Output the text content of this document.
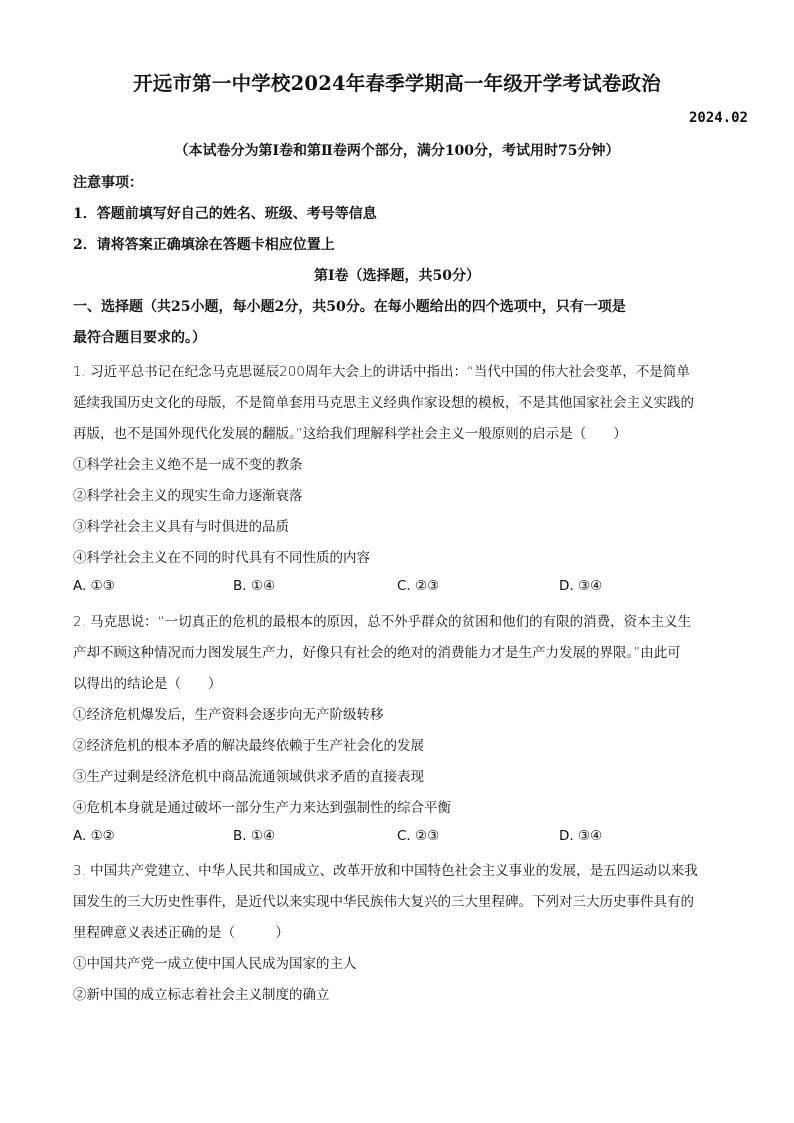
开远市第一中学校2024年春季学期高一年级开学考试卷政治
2024.02
（本试卷分为第Ⅰ卷和第Ⅱ卷两个部分，满分100分，考试用时75分钟）
注意事项：
1．答题前填写好自己的姓名、班级、考号等信息
2．请将答案正确填涂在答题卡相应位置上
第Ⅰ卷（选择题，共50分）
一、选择题（共25小题，每小题2分，共50分。在每小题给出的四个选项中，只有一项是
最符合题目要求的。）
1. 习近平总书记在纪念马克思诞辰200周年大会上的讲话中指出：“当代中国的伟大社会变革，不是简单
延续我国历史文化的母版，不是简单套用马克思主义经典作家设想的模板，不是其他国家社会主义实践的
再版，也不是国外现代化发展的翻版。”这给我们理解科学社会主义一般原则的启示是（　　）
①科学社会主义绝不是一成不变的教条
②科学社会主义的现实生命力逐渐衰落
③科学社会主义具有与时俱进的品质
④科学社会主义在不同的时代具有不同性质的内容
A. ①③	B. ①④	C. ②③	D. ③④
2. 马克思说：“一切真正的危机的最根本的原因，总不外乎群众的贫困和他们的有限的消费，资本主义生
产却不顾这种情况而力图发展生产力，好像只有社会的绝对的消费能力才是生产力发展的界限。”由此可
以得出的结论是（　　）
①经济危机爆发后，生产资料会逐步向无产阶级转移
②经济危机的根本矛盾的解决最终依赖于生产社会化的发展
③生产过剩是经济危机中商品流通领域供求矛盾的直接表现
④危机本身就是通过破坏一部分生产力来达到强制性的综合平衡
A. ①②	B. ①④	C. ②③	D. ③④
3. 中国共产党建立、中华人民共和国成立、改革开放和中国特色社会主义事业的发展，是五四运动以来我
国发生的三大历史性事件，是近代以来实现中华民族伟大复兴的三大里程碑。下列对三大历史事件具有的
里程碑意义表述正确的是（　　　）
①中国共产党一成立使中国人民成为国家的主人
②新中国的成立标志着社会主义制度的确立
